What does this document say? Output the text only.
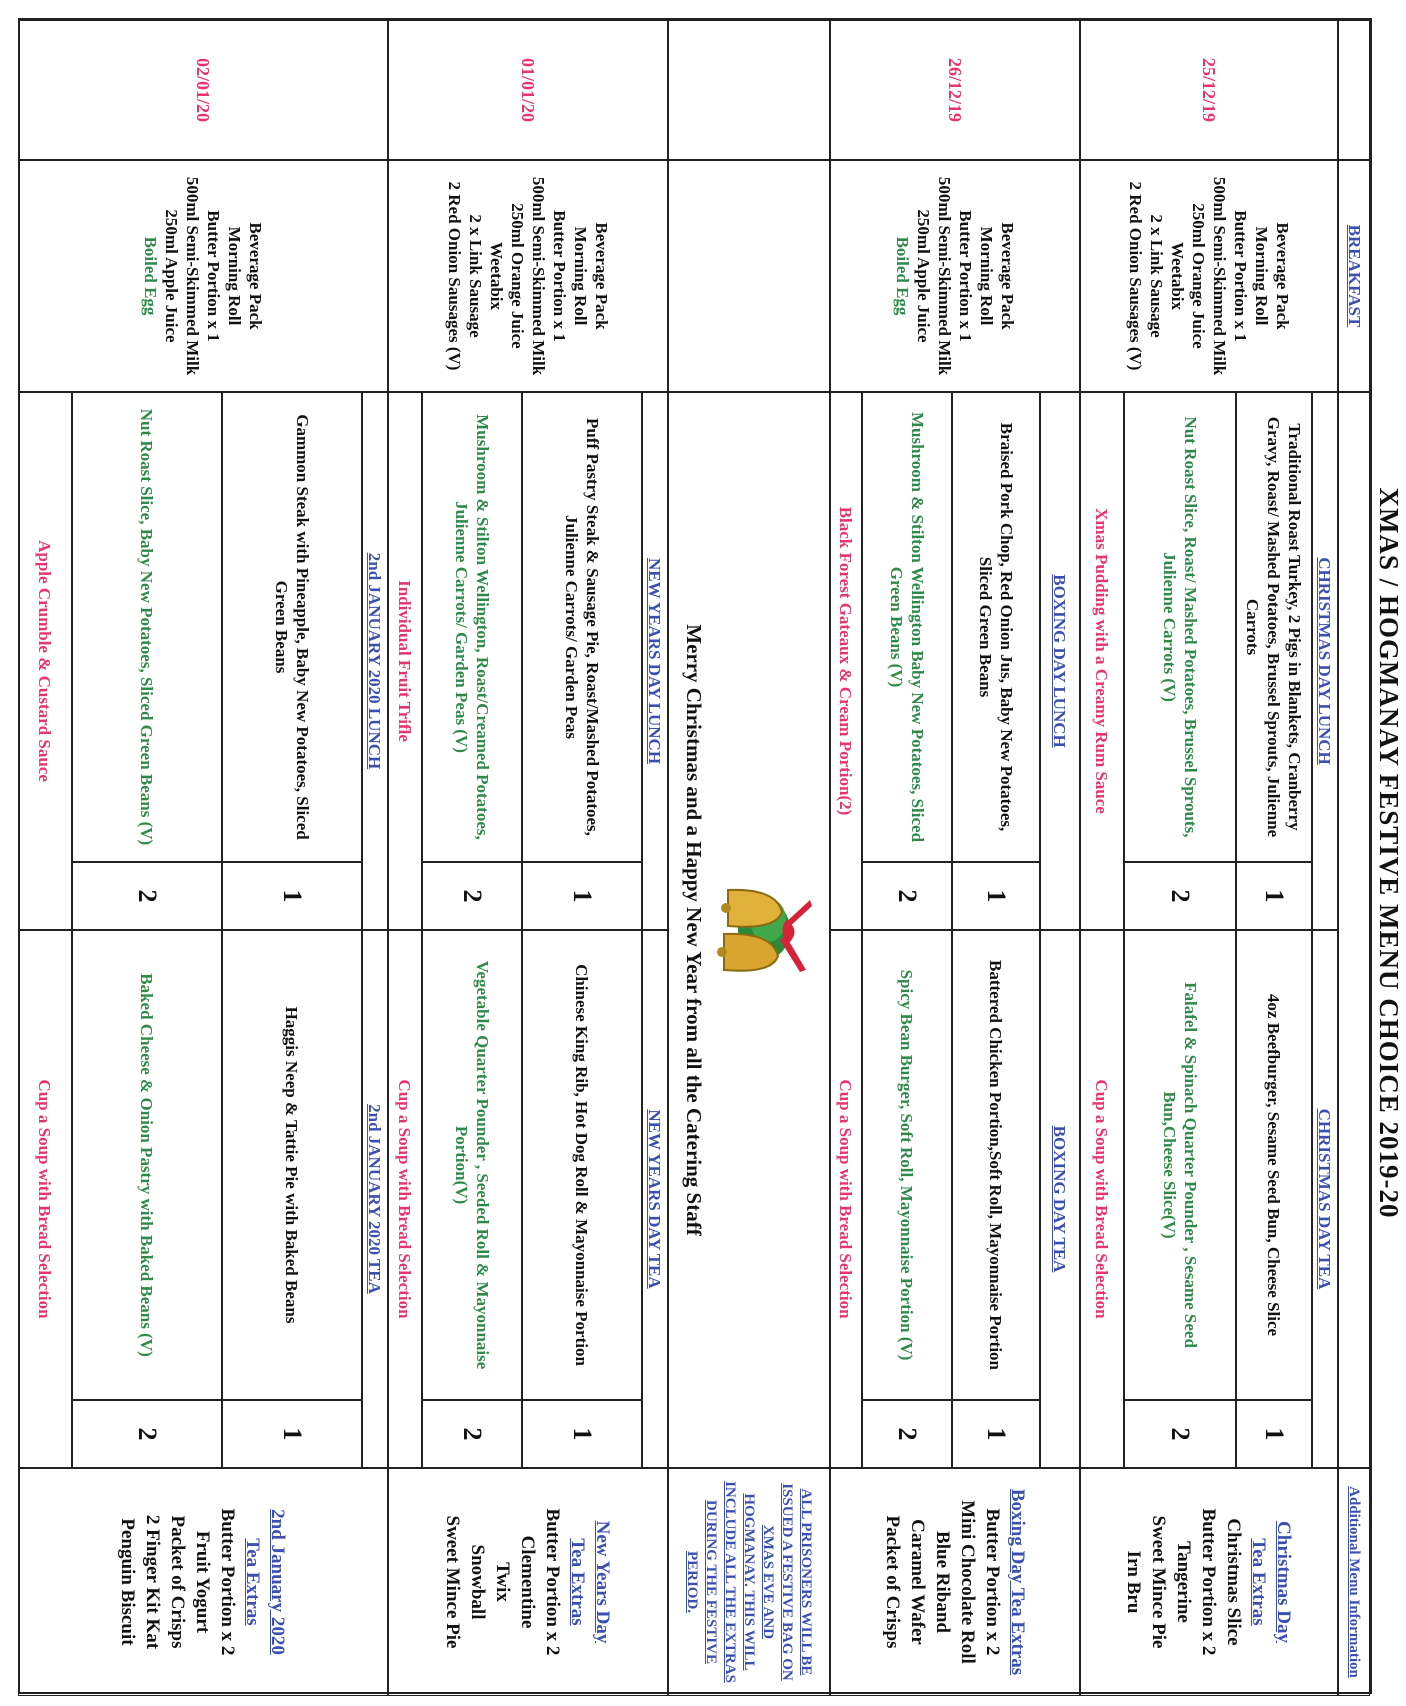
XMAS / HOGMANAY FESTIVE MENU CHOICE 2019-20
BREAKFAST
Additional Menu Information
25/12/19
Beverage Pack
Morning Roll
Butter Portion x 1
500ml Semi-Skimmed Milk
250ml Orange Juice
Weetabix
2 x Link Sausage
2 Red Onion Sausages (V)
CHRISTMAS DAY LUNCH
Traditional Roast Turkey, 2 Pigs in Blankets, Cranberry Gravy, Roast/ Mashed Potatoes, Brussel Sprouts, Julienne Carrots
1
Nut Roast Slice, Roast/ Mashed Potatoes, Brussel Sprouts, Julienne Carrots (V)
2
Xmas Pudding with a Creamy Rum Sauce
CHRISTMAS DAY TEA
4oz Beefburger, Sesame Seed Bun, Cheese Slice
1
Falafel & Spinach Quarter Pounder , Sesame Seed Bun,Cheese Slice(V)
2
Cup a Soup with Bread Selection
Christmas Day Tea Extras
Christmas Slice
Butter Portion x 2
Tangerine
Sweet Mince Pie
Irn Bru
26/12/19
Beverage Pack
Morning Roll
Butter Portion x 1
500ml Semi-Skimmed Milk
250ml Apple Juice
Boiled Egg
BOXING DAY LUNCH
Braised Pork Chop, Red Onion Jus, Baby New Potatoes, Sliced Green Beans
1
Mushroom & Stilton Wellington Baby New Potatoes, Sliced Green Beans (V)
2
Black Forest Gateaux & Cream Portion(2)
BOXING DAY TEA
Battered Chicken Portion,Soft Roll, Mayonnaise Portion
1
Spicy Bean Burger, Soft Roll, Mayonnaise Portion (V)
2
Cup a Soup with Bread Selection
Boxing Day Tea Extras
Butter Portion x 2
Mini Chocolate Roll
Blue Riband
Caramel Wafer
Packet of Crisps
Merry Christmas and a Happy New Year from all the Catering Staff
ALL PRISONERS WILL BE ISSUED A FESTIVE BAG ON XMAS EVE AND HOGMANAY. THIS WILL INCLUDE ALL THE EXTRAS DURING THE FESTIVE PERIOD.
01/01/20
Beverage Pack
Morning Roll
Butter Portion x 1
500ml Semi-Skimmed Milk
250ml Orange Juice
Weetabix
2 x Link Sausage
2 Red Onion Sausages (V)
NEW YEARS DAY LUNCH
Puff Pastry Steak & Sausage Pie, Roast/Mashed Potatoes, Julienne Carrots/ Garden Peas
1
Mushroom & Stilton Wellington, Roast/Creamed Potatoes, Julienne Carrots/ Garden Peas (V)
2
Individual Fruit Trifle
NEW YEARS DAY TEA
Chinese King Rib, Hot Dog Roll & Mayonnaise Portion
1
Vegetable Quarter Pounder , Seeded Roll & Mayonnaise Portion(V)
2
Cup a Soup with Bread Selection
New Years Day Tea Extras
Butter Portion x 2
Clementine
Twix
Snowball
Sweet Mince Pie
02/01/20
Beverage Pack
Morning Roll
Butter Portion x 1
500ml Semi-Skimmed Milk
250ml Apple Juice
Boiled Egg
2nd JANUARY 2020 LUNCH
Gammon Steak with Pineapple, Baby New Potatoes, Sliced Green Beans
1
Nut Roast Slice, Baby New Potatoes, Sliced Green Beans (V)
2
Apple Crumble & Custard Sauce
2nd JANUARY 2020 TEA
Haggis Neep & Tattie Pie with Baked Beans
1
Baked Cheese & Onion Pastry with Baked Beans (V)
2
Cup a Soup with Bread Selection
2nd January 2020 Tea Extras
Butter Portion x 2
Fruit Yogurt
Packet of Crisps
2 Finger Kit Kat
Penguin Biscuit
